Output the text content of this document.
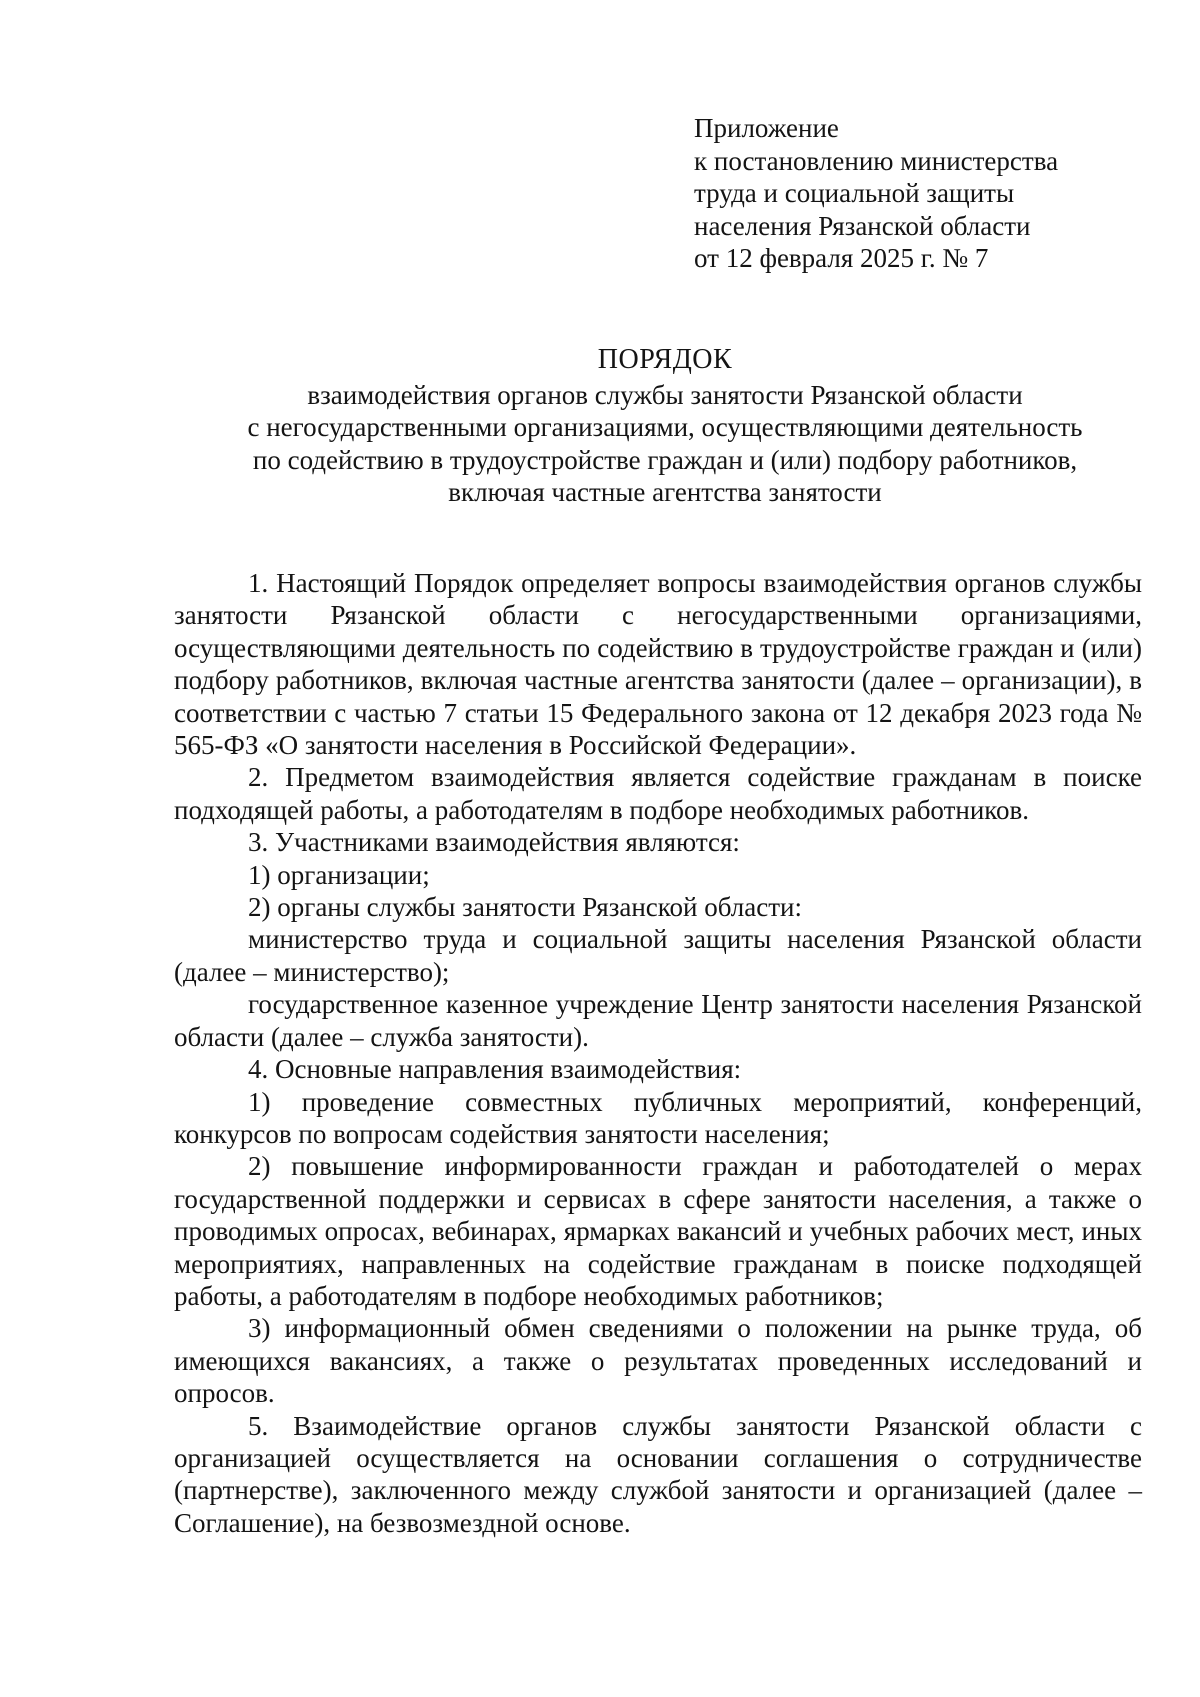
Приложение
к постановлению министерства
труда и социальной защиты
населения Рязанской области
от 12 февраля 2025 г. № 7
ПОРЯДОК
взаимодействия органов службы занятости Рязанской области
с негосударственными организациями, осуществляющими деятельность
по содействию в трудоустройстве граждан и (или) подбору работников,
включая частные агентства занятости

1. Настоящий Порядок определяет вопросы взаимодействия органов службы занятости Рязанской области с негосударственными организациями, осуществляющими деятельность по содействию в трудоустройстве граждан и (или) подбору работников, включая частные агентства занятости (далее – организации), в соответствии с частью 7 статьи 15 Федерального закона от 12 декабря 2023 года № 565-ФЗ «О занятости населения в Российской Федерации».

2. Предметом взаимодействия является содействие гражданам в поиске подходящей работы, а работодателям в подборе необходимых работников.

3. Участниками взаимодействия являются:

1) организации;

2) органы службы занятости Рязанской области:

министерство труда и социальной защиты населения Рязанской области (далее – министерство);

государственное казенное учреждение Центр занятости населения Рязанской области (далее – служба занятости).

4. Основные направления взаимодействия:

1) проведение совместных публичных мероприятий, конференций, конкурсов по вопросам содействия занятости населения;

2) повышение информированности граждан и работодателей о мерах государственной поддержки и сервисах в сфере занятости населения, а также о проводимых опросах, вебинарах, ярмарках вакансий и учебных рабочих мест, иных мероприятиях, направленных на содействие гражданам в поиске подходящей работы, а работодателям в подборе необходимых работников;

3) информационный обмен сведениями о положении на рынке труда, об имеющихся вакансиях, а также о результатах проведенных исследований и опросов.

5. Взаимодействие органов службы занятости Рязанской области с организацией осуществляется на основании соглашения о сотрудничестве (партнерстве), заключенного между службой занятости и организацией (далее – Соглашение), на безвозмездной основе.
